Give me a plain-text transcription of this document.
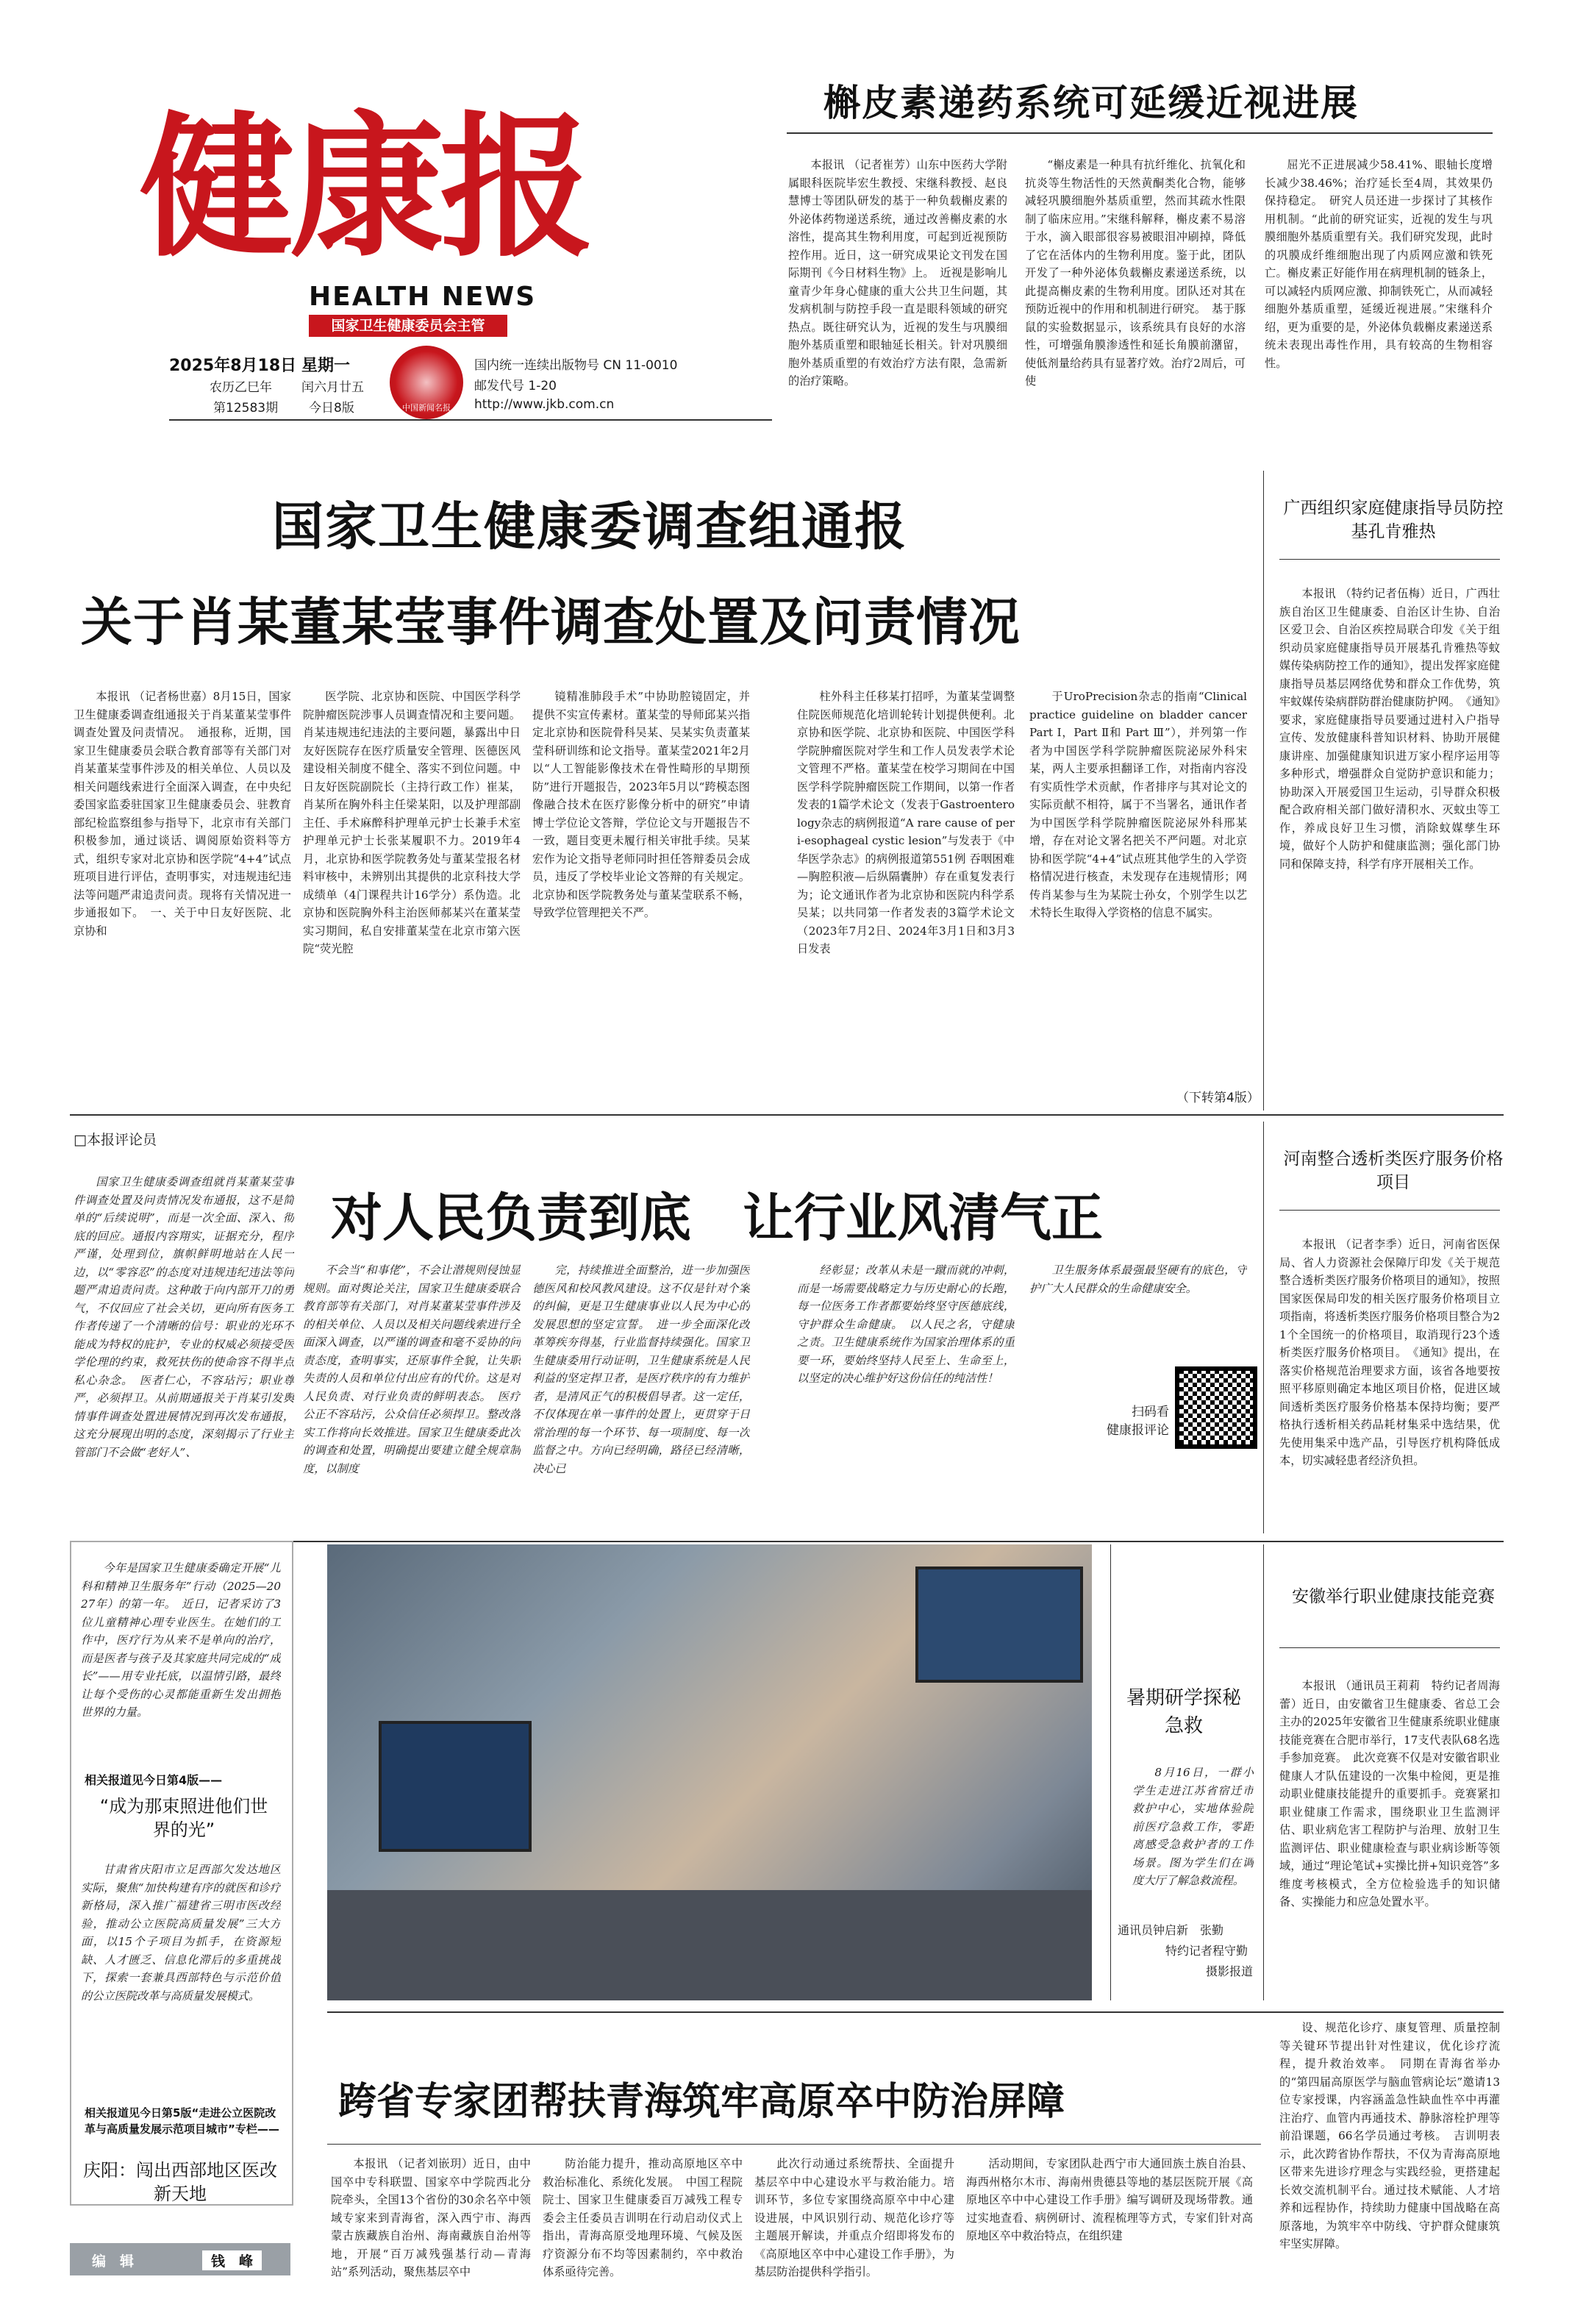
健康报
HEALTH NEWS
国家卫生健康委员会主管
2025年8月18日 星期一
农历乙巳年 闰六月廿五
第12583期 今日8版	中国新闻名报
国内统一连续出版物号 CN 11-0010
邮发代号 1-20
http://www.jkb.com.cn
槲皮素递药系统可延缓近视进展

本报讯 （记者崔芳）山东中医药大学附属眼科医院毕宏生教授、宋继科教授、赵良慧博士等团队研发的基于一种负载槲皮素的外泌体药物递送系统，通过改善槲皮素的水溶性，提高其生物利用度，可起到近视预防控作用。近日，这一研究成果论文刊发在国际期刊《今日材料生物》上。　近视是影响儿童青少年身心健康的重大公共卫生问题，其发病机制与防控手段一直是眼科领域的研究热点。既往研究认为，近视的发生与巩膜细胞外基质重塑和眼轴延长相关。针对巩膜细胞外基质重塑的有效治疗方法有限，急需新的治疗策略。

“槲皮素是一种具有抗纤维化、抗氧化和抗炎等生物活性的天然黄酮类化合物，能够减轻巩膜细胞外基质重塑，然而其疏水性限制了临床应用。”宋继科解释，槲皮素不易溶于水，滴入眼部很容易被眼泪冲刷掉，降低了它在活体内的生物利用度。鉴于此，团队开发了一种外泌体负载槲皮素递送系统，以此提高槲皮素的生物利用度。团队还对其在预防近视中的作用和机制进行研究。　基于豚鼠的实验数据显示，该系统具有良好的水溶性，可增强角膜渗透性和延长角膜前潴留，使低剂量给药具有显著疗效。治疗2周后，可使

屈光不正进展减少58.41%、眼轴长度增长减少38.46%；治疗延长至4周，其效果仍保持稳定。　研究人员还进一步探讨了其核作用机制。“此前的研究证实，近视的发生与巩膜细胞外基质重塑有关。我们研究发现，此时的巩膜成纤维细胞出现了内质网应激和铁死亡。槲皮素正好能作用在病理机制的链条上，可以减轻内质网应激、抑制铁死亡，从而减轻细胞外基质重塑，延缓近视进展。”宋继科介绍，更为重要的是，外泌体负载槲皮素递送系统未表现出毒性作用，具有较高的生物相容性。

国家卫生健康委调查组通报
关于肖某董某莹事件调查处置及问责情况

本报讯 （记者杨世嘉）8月15日，国家卫生健康委调查组通报关于肖某董某莹事件调查处置及问责情况。　通报称，近期，国家卫生健康委员会联合教育部等有关部门对肖某董某莹事件涉及的相关单位、人员以及相关问题线索进行全面深入调查，在中央纪委国家监委驻国家卫生健康委员会、驻教育部纪检监察组参与指导下，北京市有关部门积极参加，通过谈话、调阅原始资料等方式，组织专家对北京协和医学院“4+4”试点班项目进行评估，查明事实，对违规违纪违法等问题严肃追责问责。现将有关情况进一步通报如下。　一、关于中日友好医院、北京协和

医学院、北京协和医院、中国医学科学院肿瘤医院涉事人员调查情况和主要问题。肖某违规违纪违法的主要问题，暴露出中日友好医院存在医疗质量安全管理、医德医风建设相关制度不健全、落实不到位问题。中日友好医院副院长（主持行政工作）崔某，肖某所在胸外科主任梁某阳，以及护理部副主任、手术麻醉科护理单元护士长兼手术室护理单元护士长张某履职不力。2019年4月，北京协和医学院教务处与董某莹报名材料审核中，未辨别出其提供的北京科技大学成绩单（4门课程共计16学分）系伪造。北京协和医院胸外科主治医师郝某兴在董某莹实习期间，私自安排董某莹在北京市第六医院“荧光腔

镜精准肺段手术”中协助腔镜固定，并提供不实宣传素材。董某莹的导师邱某兴指定北京协和医院骨科吴某、吴某实负责董某莹科研训练和论文指导。董某莹2021年2月以“人工智能影像技术在骨性畸形的早期预防”进行开题报告，2023年5月以“跨模态图像融合技术在医疗影像分析中的研究”申请博士学位论文答辩，学位论文与开题报告不一致，题目变更未履行相关审批手续。吴某宏作为论文指导老师同时担任答辩委员会成员，违反了学校毕业论文答辩的有关规定。北京协和医学院教务处与董某莹联系不畅，导致学位管理把关不严。

柱外科主任移某打招呼，为董某莹调整住院医师规范化培训轮转计划提供便利。北京协和医学院、北京协和医院、中国医学科学院肿瘤医院对学生和工作人员发表学术论文管理不严格。董某莹在校学习期间在中国医学科学院肿瘤医院工作期间，以第一作者发表的1篇学术论文（发表于Gastroenterology杂志的病例报道“A rare cause of peri-esophageal cystic lesion”与发表于《中华医学杂志》的病例报道第551例 吞咽困难—胸腔积液—后纵隔囊肿）存在重复发表行为；论文通讯作者为北京协和医院内科学系吴某；以共同第一作者发表的3篇学术论文（2023年7月2日、2024年3月1日和3月3日发表

于UroPrecision杂志的指南“Clinical practice guideline on bladder cancer Part Ⅰ，Part Ⅱ和 Part Ⅲ”），并列第一作者为中国医学科学院肿瘤医院泌尿外科宋某，两人主要承担翻译工作，对指南内容没有实质性学术贡献，作者排序与其对论文的实际贡献不相符，属于不当署名，通讯作者为中国医学科学院肿瘤医院泌尿外科邢某增，存在对论文署名把关不严问题。对北京协和医学院“4+4”试点班其他学生的入学资格情况进行核查，未发现存在违规情形；网传肖某参与生为某院士孙女，个别学生以艺术特长生取得入学资格的信息不属实。

（下转第4版）
广西组织家庭健康指导员防控基孔肯雅热

本报讯 （特约记者伍梅）近日，广西壮族自治区卫生健康委、自治区计生协、自治区爱卫会、自治区疾控局联合印发《关于组织动员家庭健康指导员开展基孔肯雅热等蚊媒传染病防控工作的通知》，提出发挥家庭健康指导员基层网络优势和群众工作优势，筑牢蚊媒传染病群防群治健康防护网。　《通知》要求，家庭健康指导员要通过进村入户指导宣传、发放健康科普知识材料、协助开展健康讲座、加强健康知识进万家小程序运用等多种形式，增强群众自觉防护意识和能力；协助深入开展爱国卫生运动，引导群众积极配合政府相关部门做好清积水、灭蚊虫等工作，养成良好卫生习惯，消除蚊媒孳生环境，做好个人防护和健康监测；强化部门协同和保障支持，科学有序开展相关工作。

□本报评论员
对人民负责到底　让行业风清气正

国家卫生健康委调查组就肖某董某莹事件调查处置及问责情况发布通报，这不是简单的“后续说明”，而是一次全面、深入、彻底的回应。通报内容翔实，证据充分，程序严谨，处理到位，旗帜鲜明地站在人民一边，以“零容忍”的态度对违规违纪违法等问题严肃追责问责。这种敢于向内部开刀的勇气，不仅回应了社会关切，更向所有医务工作者传递了一个清晰的信号：职业的光环不能成为特权的庇护，专业的权威必须接受医学伦理的约束，救死扶伤的使命容不得半点私心杂念。　医者仁心，不容玷污；职业尊严，必须捍卫。从前期通报关于肖某引发舆情事件调查处置进展情况到再次发布通报，这充分展现出明的态度，深刻揭示了行业主管部门不会做“老好人”、

不会当“和事佬”，不会让潜规则侵蚀显规则。面对舆论关注，国家卫生健康委联合教育部等有关部门，对肖某董某莹事件涉及的相关单位、人员以及相关问题线索进行全面深入调查，以严谨的调查和毫不妥协的问责态度，查明事实，还原事件全貌，让失职失责的人员和单位付出应有的代价。这是对人民负责、对行业负责的鲜明表态。　医疗公正不容玷污，公众信任必须捍卫。整改落实工作将向长效推进。国家卫生健康委此次的调查和处置，明确提出要建立健全规章制度，以制度

完，持续推进全面整治，进一步加强医德医风和校风教风建设。这不仅是针对个案的纠偏，更是卫生健康事业以人民为中心的发展思想的坚定宣誓。　进一步全面深化改革筹疾夯得基，行业监督持续强化。国家卫生健康委用行动证明，卫生健康系统是人民利益的坚定捍卫者，是医疗秩序的有力维护者，是清风正气的积极倡导者。这一定任，不仅体现在单一事件的处置上，更贯穿于日常治理的每一个环节、每一项制度、每一次监督之中。方向已经明确，路径已经清晰，决心已

经彰显；改革从未是一蹴而就的冲刺，而是一场需要战略定力与历史耐心的长跑，每一位医务工作者都要始终坚守医德底线，守护群众生命健康。　以人民之名，守健康之责。卫生健康系统作为国家治理体系的重要一环，要始终坚持人民至上、生命至上，以坚定的决心维护好这份信任的纯洁性！

卫生服务体系最强最坚硬有的底色，守护广大人民群众的生命健康安全。

扫码看
健康报评论
河南整合透析类医疗服务价格项目

本报讯 （记者李季）近日，河南省医保局、省人力资源社会保障厅印发《关于规范整合透析类医疗服务价格项目的通知》，按照国家医保局印发的相关医疗服务价格项目立项指南，将透析类医疗服务价格项目整合为21个全国统一的价格项目，取消现行23个透析类医疗服务价格项目。　《通知》提出，在落实价格规范治理要求方面，该省各地要按照平移原则确定本地区项目价格，促进区域间透析类医疗服务价格基本保持均衡；要严格执行透析相关药品耗材集采中选结果，优先使用集采中选产品，引导医疗机构降低成本，切实减轻患者经济负担。

今年是国家卫生健康委确定开展“儿科和精神卫生服务年”行动（2025—2027年）的第一年。　近日，记者采访了3位儿童精神心理专业医生。在她们的工作中，医疗行为从来不是单向的治疗，而是医者与孩子及其家庭共同完成的“成长”——用专业托底，以温情引路，最终让每个受伤的心灵都能重新生发出拥抱世界的力量。

相关报道见今日第4版——
“成为那束照进他们世界的光”

甘肃省庆阳市立足西部欠发达地区实际，聚焦“加快构建有序的就医和诊疗新格局，深入推广福建省三明市医改经验，推动公立医院高质量发展”三大方面，以15个子项目为抓手，在资源短缺、人才匮乏、信息化滞后的多重挑战下，探索一套兼具西部特色与示范价值的公立医院改革与高质量发展模式。

相关报道见今日第5版“走进公立医院改革与高质量发展示范项目城市”专栏——
庆阳：闯出西部地区医改新天地
编　辑	钱　峰
暑期研学探秘急救

8月16日，一群小学生走进江苏省宿迁市救护中心，实地体验院前医疗急救工作，零距离感受急救护者的工作场景。图为学生们在调度大厅了解急救流程。

通讯员钟启新　张勤
特约记者程守勤
摄影报道
安徽举行职业健康技能竞赛

本报讯 （通讯员王莉莉　特约记者周海蕾）近日，由安徽省卫生健康委、省总工会主办的2025年安徽省卫生健康系统职业健康技能竞赛在合肥市举行，17支代表队68名选手参加竞赛。　此次竞赛不仅是对安徽省职业健康人才队伍建设的一次集中检阅，更是推动职业健康技能提升的重要抓手。竞赛紧扣职业健康工作需求，围绕职业卫生监测评估、职业病危害工程防护与治理、放射卫生监测评估、职业健康检查与职业病诊断等领域，通过“理论笔试+实操比拼+知识竞答”多维度考核模式，全方位检验选手的知识储备、实操能力和应急处置水平。

跨省专家团帮扶青海筑牢高原卒中防治屏障

本报讯 （记者刘嵌玥）近日，由中国卒中专科联盟、国家卒中学院西北分院牵头，全国13个省份的30余名卒中领域专家来到青海省，深入西宁市、海西蒙古族藏族自治州、海南藏族自治州等地，开展“百万减残强基行动—青海站”系列活动，聚焦基层卒中

防治能力提升，推动高原地区卒中救治标准化、系统化发展。　中国工程院院士、国家卫生健康委百万减残工程专委会主任委员吉训明在行动启动仪式上指出，青海高原受地理环境、气候及医疗资源分布不均等因素制约，卒中救治体系亟待完善。

此次行动通过系统帮扶、全面提升基层卒中中心建设水平与救治能力。培训环节，多位专家围绕高原卒中中心建设进展，中风识别行动、规范化诊疗等主题展开解读，并重点介绍即将发布的《高原地区卒中中心建设工作手册》，为基层防治提供科学指引。

活动期间，专家团队赴西宁市大通回族土族自治县、海西州格尔木市、海南州贵德县等地的基层医院开展《高原地区卒中中心建设工作手册》编写调研及现场带教。通过实地查看、病例研讨、流程梳理等方式，专家们针对高原地区卒中救治特点，在组织建

设、规范化诊疗、康复管理、质量控制等关键环节提出针对性建议，优化诊疗流程，提升救治效率。　同期在青海省举办的“第四届高原医学与脑血管病论坛”邀请13位专家授课，内容涵盖急性缺血性卒中再灌注治疗、血管内再通技术、静脉溶栓护理等前沿课题，66名学员通过考核。　吉训明表示，此次跨省协作帮扶，不仅为青海高原地区带来先进诊疗理念与实践经验，更搭建起长效交流机制平台。通过技术赋能、人才培养和远程协作，持续助力健康中国战略在高原落地，为筑牢卒中防线、守护群众健康筑牢坚实屏障。
